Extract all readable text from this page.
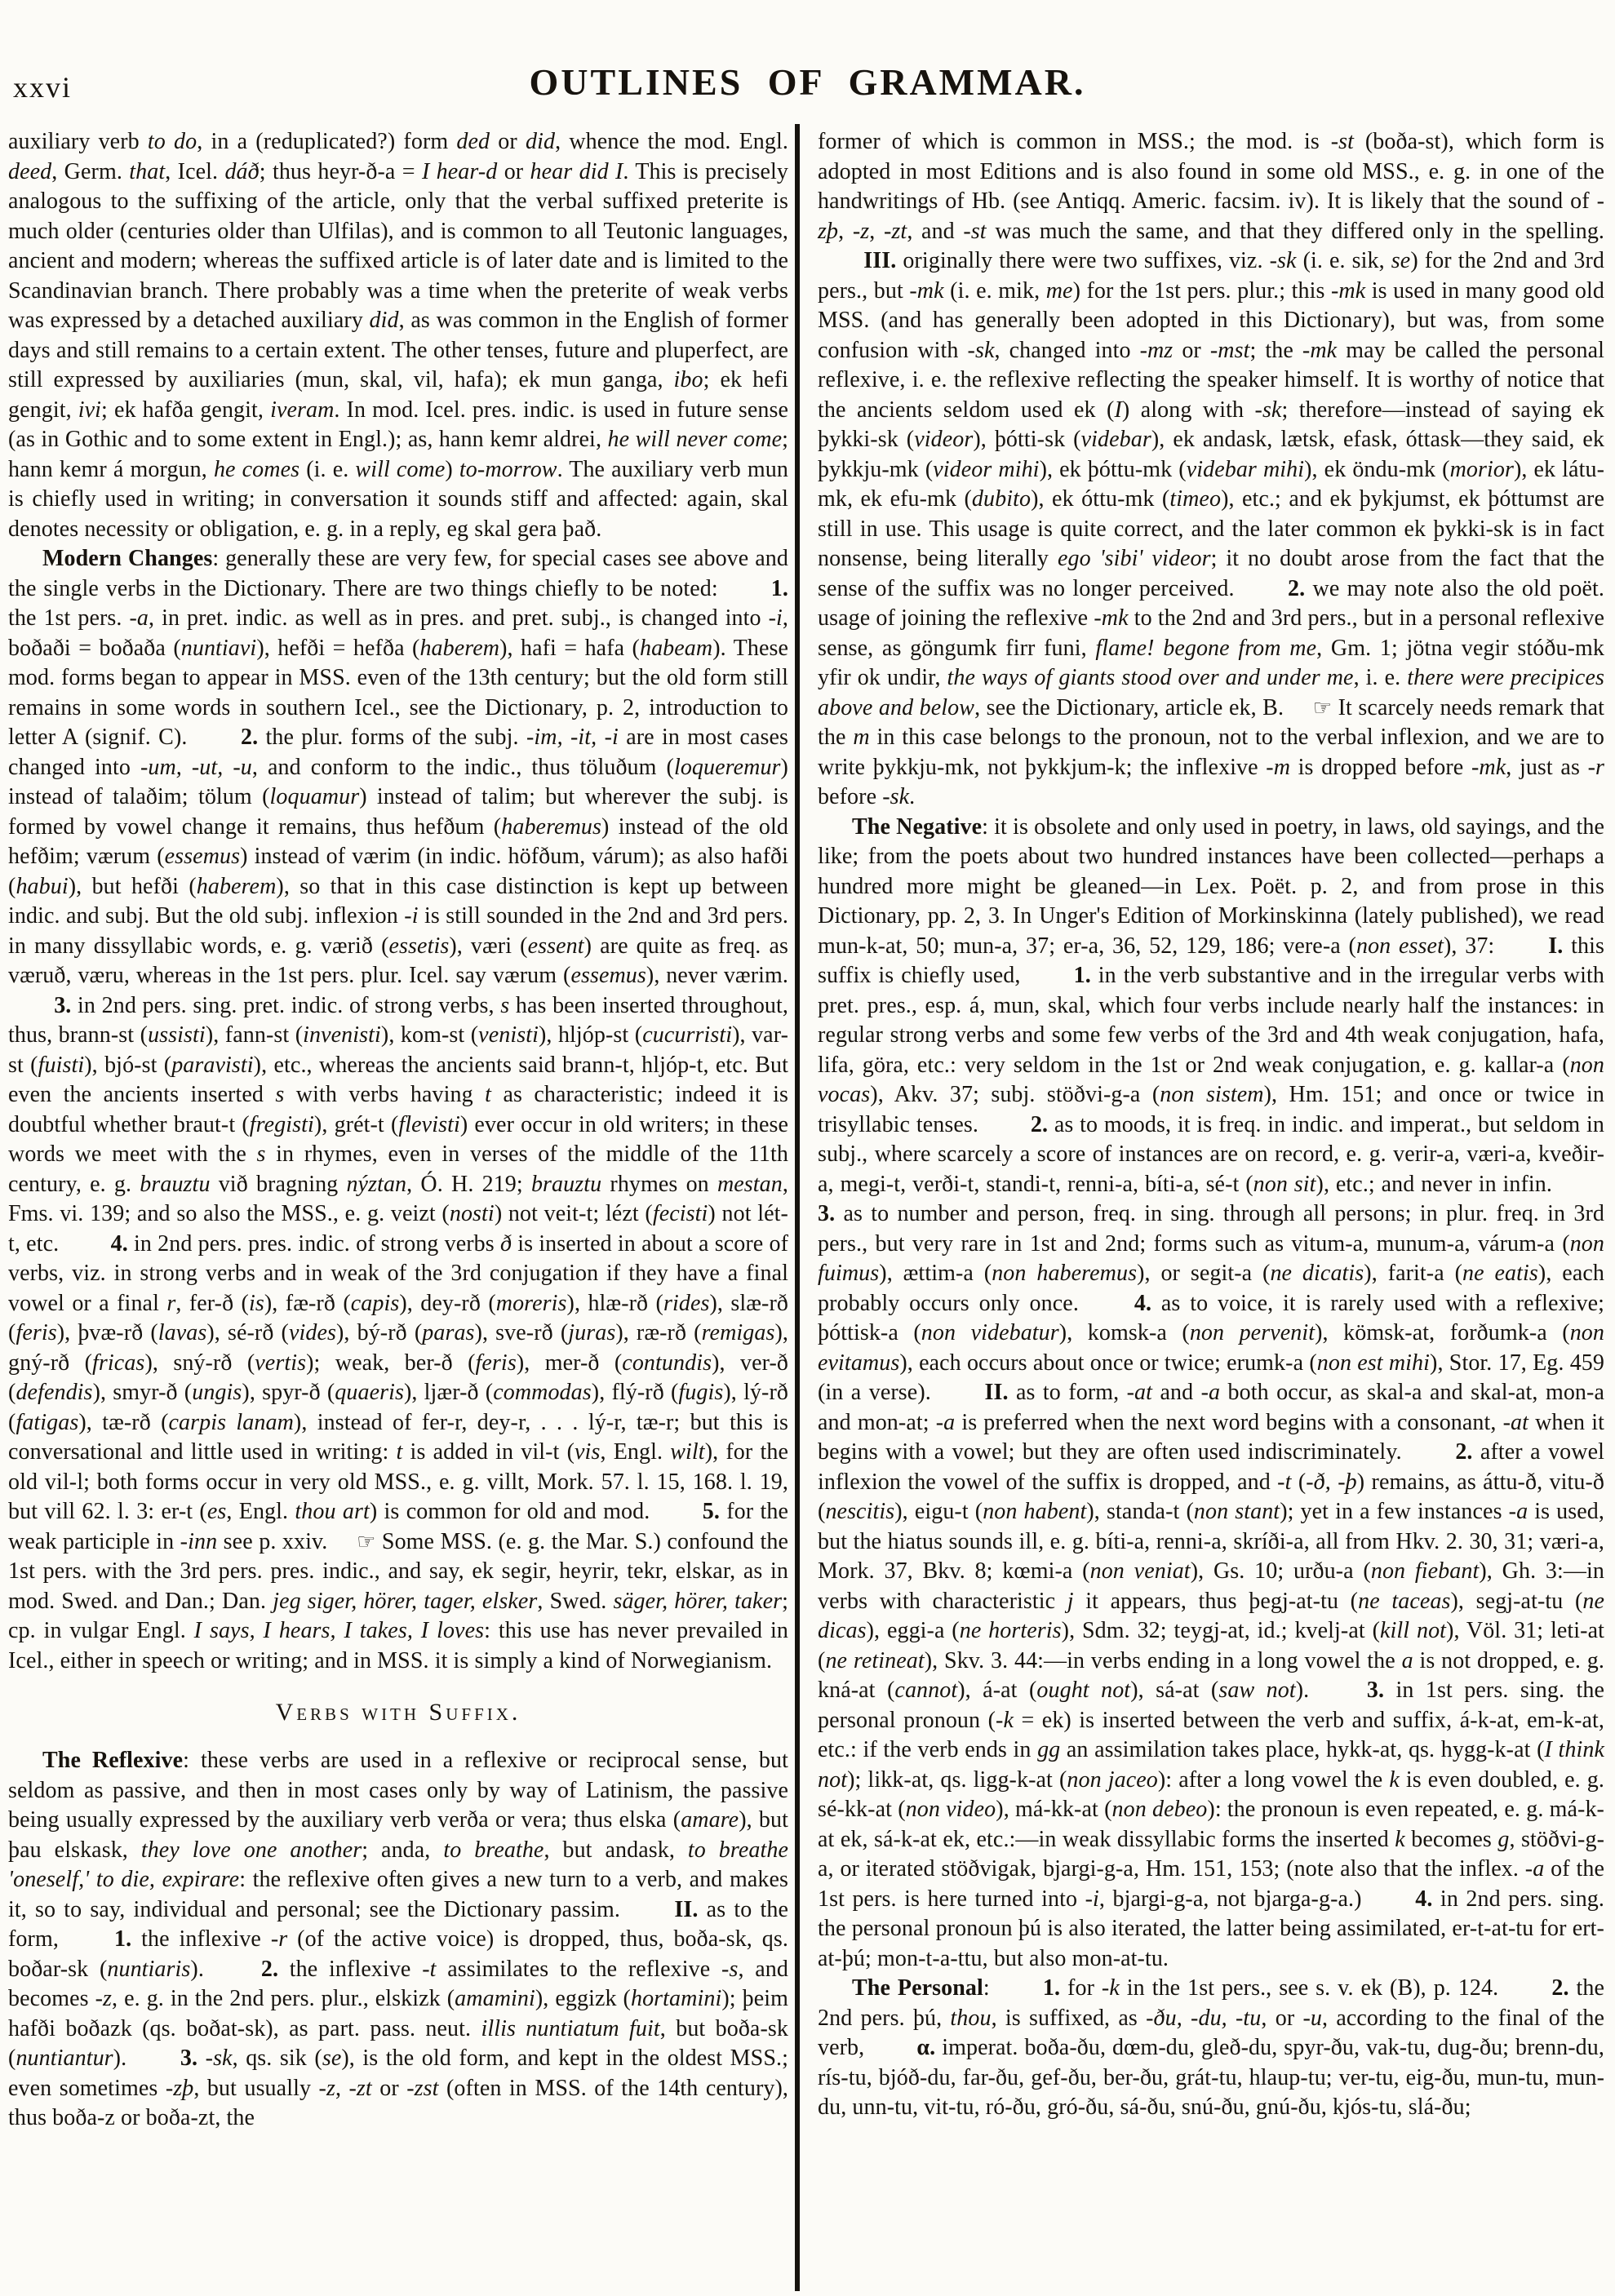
xxvi	OUTLINES OF GRAMMAR.

auxiliary verb to do, in a (reduplicated?) form ded or did, whence the mod. Engl. deed, Germ. that, Icel. dáð; thus heyr-ð-a = I hear-d or hear did I. This is precisely analogous to the suffixing of the article, only that the verbal suffixed preterite is much older (centuries older than Ulfilas), and is common to all Teutonic languages, ancient and modern; whereas the suffixed article is of later date and is limited to the Scandinavian branch. There probably was a time when the preterite of weak verbs was expressed by a detached auxiliary did, as was common in the English of former days and still remains to a certain extent. The other tenses, future and pluperfect, are still expressed by auxiliaries (mun, skal, vil, hafa); ek mun ganga, ibo; ek hefi gengit, ivi; ek hafða gengit, iveram. In mod. Icel. pres. indic. is used in future sense (as in Gothic and to some extent in Engl.); as, hann kemr aldrei, he will never come; hann kemr á morgun, he comes (i. e. will come) to-morrow. The auxiliary verb mun is chiefly used in writing; in conversation it sounds stiff and affected: again, skal denotes necessity or obligation, e. g. in a reply, eg skal gera það.

Modern Changes: generally these are very few, for special cases see above and the single verbs in the Dictionary. There are two things chiefly to be noted:   1. the 1st pers. -a, in pret. indic. as well as in pres. and pret. subj., is changed into -i, boðaði = boðaða (nuntiavi), hefði = hefða (haberem), hafi = hafa (habeam). These mod. forms began to appear in MSS. even of the 13th century; but the old form still remains in some words in southern Icel., see the Dictionary, p. 2, introduction to letter A (signif. C).   2. the plur. forms of the subj. -im, -it, -i are in most cases changed into -um, -ut, -u, and conform to the indic., thus töluðum (loqueremur) instead of talaðim; tölum (loquamur) instead of talim; but wherever the subj. is formed by vowel change it remains, thus hefðum (haberemus) instead of the old hefðim; værum (essemus) instead of værim (in indic. höfðum, várum); as also hafði (habui), but hefði (haberem), so that in this case distinction is kept up between indic. and subj. But the old subj. inflexion -i is still sounded in the 2nd and 3rd pers. in many dissyllabic words, e. g. værið (essetis), væri (essent) are quite as freq. as væruð, væru, whereas in the 1st pers. plur. Icel. say værum (essemus), never værim.   3. in 2nd pers. sing. pret. indic. of strong verbs, s has been inserted throughout, thus, brann-st (ussisti), fann-st (invenisti), kom-st (venisti), hljóp-st (cucurristi), var-st (fuisti), bjó-st (paravisti), etc., whereas the ancients said brann-t, hljóp-t, etc. But even the ancients inserted s with verbs having t as characteristic; indeed it is doubtful whether braut-t (fregisti), grét-t (flevisti) ever occur in old writers; in these words we meet with the s in rhymes, even in verses of the middle of the 11th century, e. g. brauztu við bragning nýztan, Ó. H. 219; brauztu rhymes on mestan, Fms. vi. 139; and so also the MSS., e. g. veizt (nosti) not veit-t; lézt (fecisti) not lét-t, etc.   4. in 2nd pers. pres. indic. of strong verbs ð is inserted in about a score of verbs, viz. in strong verbs and in weak of the 3rd conjugation if they have a final vowel or a final r, fer-ð (is), fæ-rð (capis), dey-rð (moreris), hlæ-rð (rides), slæ-rð (feris), þvæ-rð (lavas), sé-rð (vides), bý-rð (paras), sve-rð (juras), ræ-rð (remigas), gný-rð (fricas), sný-rð (vertis); weak, ber-ð (feris), mer-ð (contundis), ver-ð (defendis), smyr-ð (ungis), spyr-ð (quaeris), ljær-ð (commodas), flý-rð (fugis), lý-rð (fatigas), tæ-rð (carpis lanam), instead of fer-r, dey-r, . . . lý-r, tæ-r; but this is conversational and little used in writing: t is added in vil-t (vis, Engl. wilt), for the old vil-l; both forms occur in very old MSS., e. g. villt, Mork. 57. l. 15, 168. l. 19, but vill 62. l. 3: er-t (es, Engl. thou art) is common for old and mod.   5. for the weak participle in -inn see p. xxiv.  ☞ Some MSS. (e. g. the Mar. S.) confound the 1st pers. with the 3rd pers. pres. indic., and say, ek segir, heyrir, tekr, elskar, as in mod. Swed. and Dan.; Dan. jeg siger, hörer, tager, elsker, Swed. säger, hörer, taker; cp. in vulgar Engl. I says, I hears, I takes, I loves: this use has never prevailed in Icel., either in speech or writing; and in MSS. it is simply a kind of Norwegianism.

Verbs with Suffix.

The Reflexive: these verbs are used in a reflexive or reciprocal sense, but seldom as passive, and then in most cases only by way of Latinism, the passive being usually expressed by the auxiliary verb verða or vera; thus elska (amare), but þau elskask, they love one another; anda, to breathe, but andask, to breathe 'oneself,' to die, expirare: the reflexive often gives a new turn to a verb, and makes it, so to say, individual and personal; see the Dictionary passim.   II. as to the form,   1. the inflexive -r (of the active voice) is dropped, thus, boða-sk, qs. boðar-sk (nuntiaris).   2. the inflexive -t assimilates to the reflexive -s, and becomes -z, e. g. in the 2nd pers. plur., elskizk (amamini), eggizk (hortamini); þeim hafði boðazk (qs. boðat-sk), as part. pass. neut. illis nuntiatum fuit, but boða-sk (nuntiantur).   3. -sk, qs. sik (se), is the old form, and kept in the oldest MSS.; even sometimes -zþ, but usually -z, -zt or -zst (often in MSS. of the 14th century), thus boða-z or boða-zt, the

former of which is common in MSS.; the mod. is -st (boða-st), which form is adopted in most Editions and is also found in some old MSS., e. g. in one of the handwritings of Hb. (see Antiqq. Americ. facsim. iv). It is likely that the sound of -zþ, -z, -zt, and -st was much the same, and that they differed only in the spelling.   III. originally there were two suffixes, viz. -sk (i. e. sik, se) for the 2nd and 3rd pers., but -mk (i. e. mik, me) for the 1st pers. plur.; this -mk is used in many good old MSS. (and has generally been adopted in this Dictionary), but was, from some confusion with -sk, changed into -mz or -mst; the -mk may be called the personal reflexive, i. e. the reflexive reflecting the speaker himself. It is worthy of notice that the ancients seldom used ek (I) along with -sk; therefore—instead of saying ek þykki-sk (videor), þótti-sk (videbar), ek andask, lætsk, efask, óttask—they said, ek þykkju-mk (videor mihi), ek þóttu-mk (videbar mihi), ek öndu-mk (morior), ek látu-mk, ek efu-mk (dubito), ek óttu-mk (timeo), etc.; and ek þykjumst, ek þóttumst are still in use. This usage is quite correct, and the later common ek þykki-sk is in fact nonsense, being literally ego 'sibi' videor; it no doubt arose from the fact that the sense of the suffix was no longer perceived.   2. we may note also the old poët. usage of joining the reflexive -mk to the 2nd and 3rd pers., but in a personal reflexive sense, as göngumk firr funi, flame! begone from me, Gm. 1; jötna vegir stóðu-mk yfir ok undir, the ways of giants stood over and under me, i. e. there were precipices above and below, see the Dictionary, article ek, B.  ☞ It scarcely needs remark that the m in this case belongs to the pronoun, not to the verbal inflexion, and we are to write þykkju-mk, not þykkjum-k; the inflexive -m is dropped before -mk, just as -r before -sk.

The Negative: it is obsolete and only used in poetry, in laws, old sayings, and the like; from the poets about two hundred instances have been collected—perhaps a hundred more might be gleaned—in Lex. Poët. p. 2, and from prose in this Dictionary, pp. 2, 3. In Unger's Edition of Morkinskinna (lately published), we read mun-k-at, 50; mun-a, 37; er-a, 36, 52, 129, 186; vere-a (non esset), 37:   I. this suffix is chiefly used,   1. in the verb substantive and in the irregular verbs with pret. pres., esp. á, mun, skal, which four verbs include nearly half the instances: in regular strong verbs and some few verbs of the 3rd and 4th weak conjugation, hafa, lifa, göra, etc.: very seldom in the 1st or 2nd weak conjugation, e. g. kallar-a (non vocas), Akv. 37; subj. stöðvi-g-a (non sistem), Hm. 151; and once or twice in trisyllabic tenses.   2. as to moods, it is freq. in indic. and imperat., but seldom in subj., where scarcely a score of instances are on record, e. g. verir-a, væri-a, kveðir-a, megi-t, verði-t, standi-t, renni-a, bíti-a, sé-t (non sit), etc.; and never in infin.   3. as to number and person, freq. in sing. through all persons; in plur. freq. in 3rd pers., but very rare in 1st and 2nd; forms such as vitum-a, munum-a, várum-a (non fuimus), ættim-a (non haberemus), or segit-a (ne dicatis), farit-a (ne eatis), each probably occurs only once.   4. as to voice, it is rarely used with a reflexive; þóttisk-a (non videbatur), komsk-a (non pervenit), kömsk-at, forðumk-a (non evitamus), each occurs about once or twice; erumk-a (non est mihi), Stor. 17, Eg. 459 (in a verse).   II. as to form, -at and -a both occur, as skal-a and skal-at, mon-a and mon-at; -a is preferred when the next word begins with a consonant, -at when it begins with a vowel; but they are often used indiscriminately.   2. after a vowel inflexion the vowel of the suffix is dropped, and -t (-ð, -þ) remains, as áttu-ð, vitu-ð (nescitis), eigu-t (non habent), standa-t (non stant); yet in a few instances -a is used, but the hiatus sounds ill, e. g. bíti-a, renni-a, skríði-a, all from Hkv. 2. 30, 31; væri-a, Mork. 37, Bkv. 8; kœmi-a (non veniat), Gs. 10; urðu-a (non fiebant), Gh. 3:—in verbs with characteristic j it appears, thus þegj-at-tu (ne taceas), segj-at-tu (ne dicas), eggi-a (ne horteris), Sdm. 32; teygj-at, id.; kvelj-at (kill not), Völ. 31; leti-at (ne retineat), Skv. 3. 44:—in verbs ending in a long vowel the a is not dropped, e. g. kná-at (cannot), á-at (ought not), sá-at (saw not).   3. in 1st pers. sing. the personal pronoun (-k = ek) is inserted between the verb and suffix, á-k-at, em-k-at, etc.: if the verb ends in gg an assimilation takes place, hykk-at, qs. hygg-k-at (I think not); likk-at, qs. ligg-k-at (non jaceo): after a long vowel the k is even doubled, e. g. sé-kk-at (non video), má-kk-at (non debeo): the pronoun is even repeated, e. g. má-k-at ek, sá-k-at ek, etc.:—in weak dissyllabic forms the inserted k becomes g, stöðvi-g-a, or iterated stöðvigak, bjargi-g-a, Hm. 151, 153; (note also that the inflex. -a of the 1st pers. is here turned into -i, bjargi-g-a, not bjarga-g-a.)   4. in 2nd pers. sing. the personal pronoun þú is also iterated, the latter being assimilated, er-t-at-tu for ert-at-þú; mon-t-a-ttu, but also mon-at-tu.

The Personal:   1. for -k in the 1st pers., see s. v. ek (B), p. 124.   2. the 2nd pers. þú, thou, is suffixed, as -ðu, -du, -tu, or -u, according to the final of the verb,   α. imperat. boða-ðu, dœm-du, gleð-du, spyr-ðu, vak-tu, dug-ðu; brenn-du, rís-tu, bjóð-du, far-ðu, gef-ðu, ber-ðu, grát-tu, hlaup-tu; ver-tu, eig-ðu, mun-tu, mun-du, unn-tu, vit-tu, ró-ðu, gró-ðu, sá-ðu, snú-ðu, gnú-ðu, kjós-tu, slá-ðu;
